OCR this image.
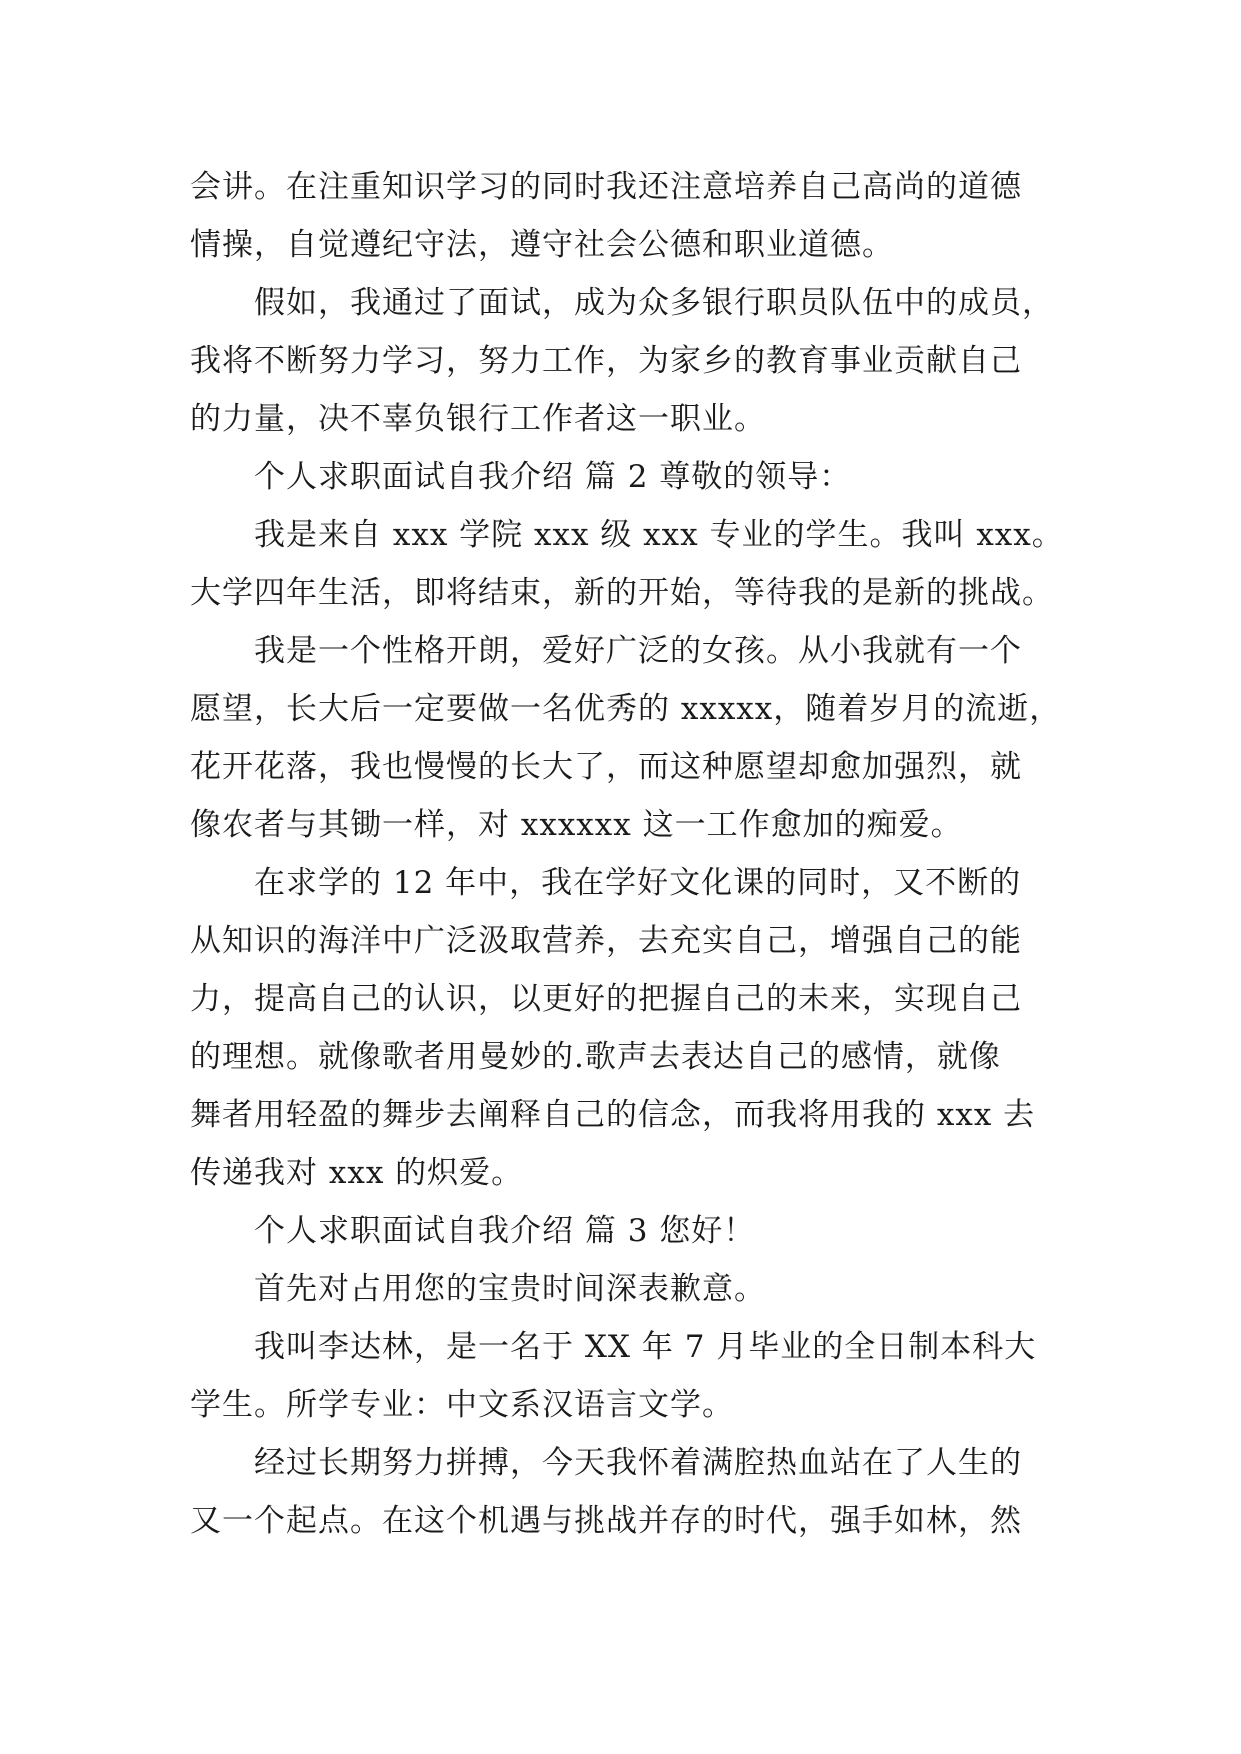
会讲。在注重知识学习的同时我还注意培养自己高尚的道德
情操，自觉遵纪守法，遵守社会公德和职业道德。
假如，我通过了面试，成为众多银行职员队伍中的成员，
我将不断努力学习，努力工作，为家乡的教育事业贡献自己
的力量，决不辜负银行工作者这一职业。
个人求职面试自我介绍 篇 2 尊敬的领导：
我是来自 xxx 学院 xxx 级 xxx 专业的学生。我叫 xxx。
大学四年生活，即将结束，新的开始，等待我的是新的挑战。
我是一个性格开朗，爱好广泛的女孩。从小我就有一个
愿望，长大后一定要做一名优秀的 xxxxx，随着岁月的流逝，
花开花落，我也慢慢的长大了，而这种愿望却愈加强烈，就
像农者与其锄一样，对 xxxxxx 这一工作愈加的痴爱。
在求学的 12 年中，我在学好文化课的同时，又不断的
从知识的海洋中广泛汲取营养，去充实自己，增强自己的能
力，提高自己的认识，以更好的把握自己的未来，实现自己
的理想。就像歌者用曼妙的.歌声去表达自己的感情，就像
舞者用轻盈的舞步去阐释自己的信念，而我将用我的 xxx 去
传递我对 xxx 的炽爱。
个人求职面试自我介绍 篇 3 您好！
首先对占用您的宝贵时间深表歉意。
我叫李达林，是一名于 XX 年 7 月毕业的全日制本科大
学生。所学专业：中文系汉语言文学。
经过长期努力拼搏，今天我怀着满腔热血站在了人生的
又一个起点。在这个机遇与挑战并存的时代，强手如林，然
